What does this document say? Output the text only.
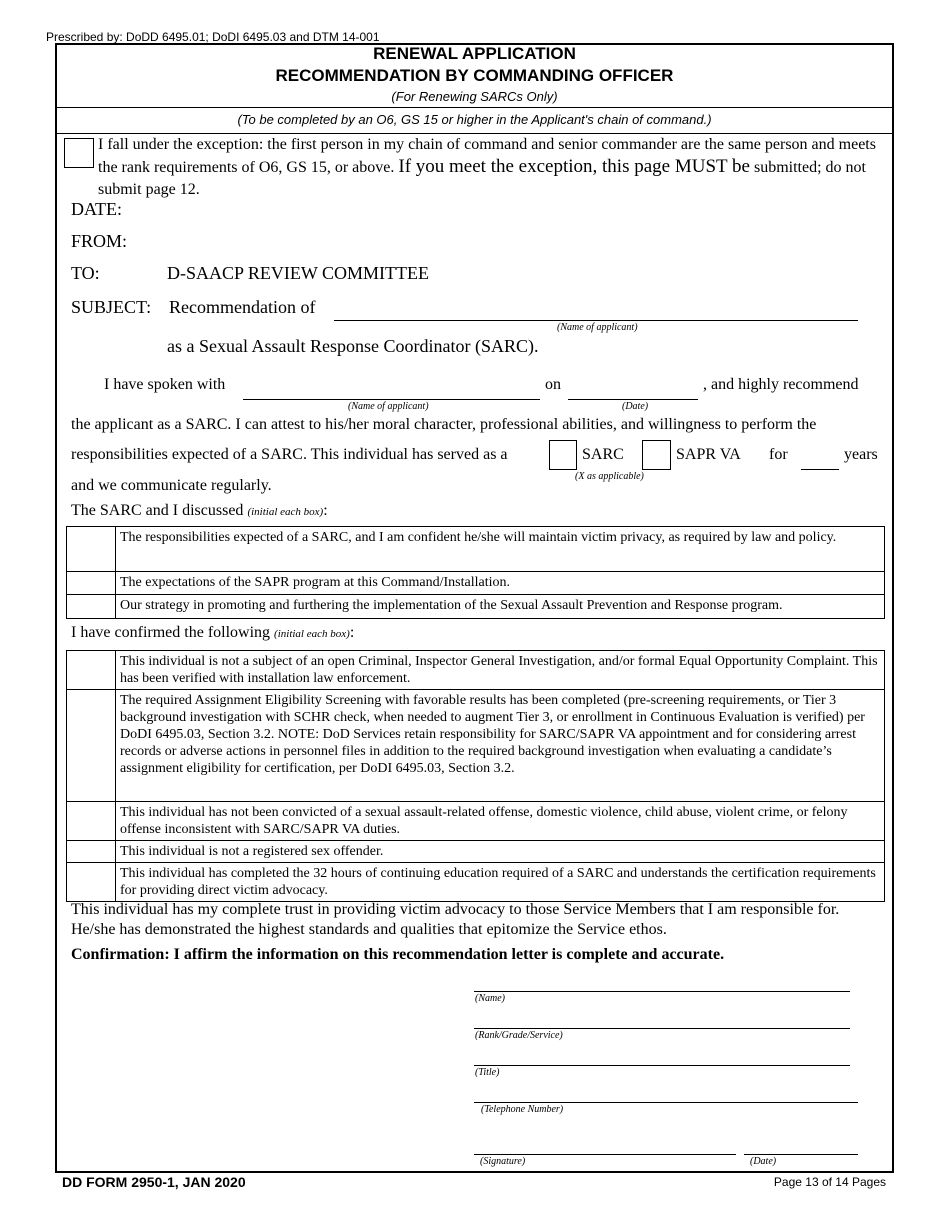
Prescribed by: DoDD 6495.01; DoDI 6495.03 and DTM 14-001
RENEWAL APPLICATION
RECOMMENDATION BY COMMANDING OFFICER
(For Renewing SARCs Only)
(To be completed by an O6, GS 15 or higher in the Applicant's chain of command.)
I fall under the exception: the first person in my chain of command and senior commander are the same person and meets the rank requirements of O6, GS 15, or above. If you meet the exception, this page MUST be submitted; do not submit page 12.
DATE:
FROM:
TO:	D-SAACP REVIEW COMMITTEE
SUBJECT: Recommendation of
(Name of applicant)
as a Sexual Assault Response Coordinator (SARC).
I have spoken with
(Name of applicant)
on
(Date)
, and highly recommend
the applicant as a SARC. I can attest to his/her moral character, professional abilities, and willingness to perform the
responsibilities expected of a SARC. This individual has served as a	SARC	SAPR VA for	years
(X as applicable)
and we communicate regularly.
The SARC and I discussed (initial each box):
	The responsibilities expected of a SARC, and I am confident he/she will maintain victim privacy, as required by law and policy.
	The expectations of the SAPR program at this Command/Installation.
	Our strategy in promoting and furthering the implementation of the Sexual Assault Prevention and Response program.
I have confirmed the following (initial each box):
	This individual is not a subject of an open Criminal, Inspector General Investigation, and/or formal Equal Opportunity Complaint. This has been verified with installation law enforcement.
	The required Assignment Eligibility Screening with favorable results has been completed (pre-screening requirements, or Tier 3 background investigation with SCHR check, when needed to augment Tier 3, or enrollment in Continuous Evaluation is verified) per DoDI 6495.03, Section 3.2. NOTE: DoD Services retain responsibility for SARC/SAPR VA appointment and for considering arrest records or adverse actions in personnel files in addition to the required background investigation when evaluating a candidate’s assignment eligibility for certification, per DoDI 6495.03, Section 3.2.
	This individual has not been convicted of a sexual assault-related offense, domestic violence, child abuse, violent crime, or felony offense inconsistent with SARC/SAPR VA duties.
	This individual is not a registered sex offender.
	This individual has completed the 32 hours of continuing education required of a SARC and understands the certification requirements for providing direct victim advocacy.
This individual has my complete trust in providing victim advocacy to those Service Members that I am responsible for. He/she has demonstrated the highest standards and qualities that epitomize the Service ethos.
Confirmation: I affirm the information on this recommendation letter is complete and accurate.
(Name)
(Rank/Grade/Service)
(Title)
(Telephone Number)
(Signature)	(Date)
DD FORM 2950-1, JAN 2020	Page 13 of 14 Pages
